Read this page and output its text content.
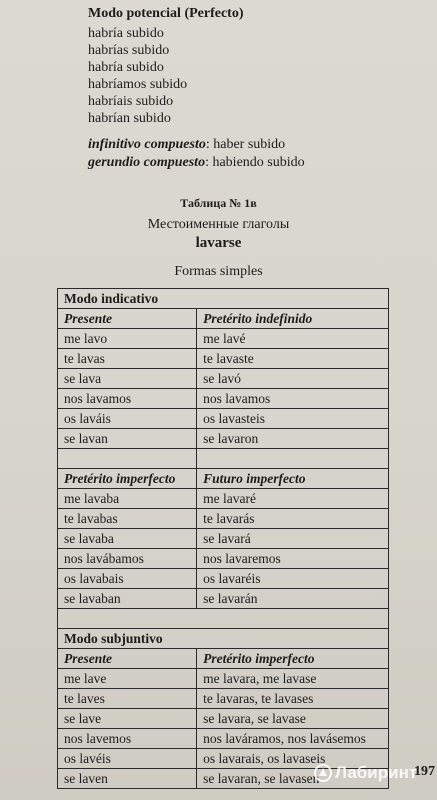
Modo potencial (Perfecto)
habría subido
habrías subido
habría subido
habríamos subido
habríais subido
habrían subido
infinitivo compuesto: haber subido
gerundio compuesto: habiendo subido
Таблица № 1в
Местоименные глаголы
lavarse
Formas simples
Modo indicativo	
Presente	Pretérito indefinido
me lavo	me lavé
te lavas	te lavaste
se lava	se lavó
nos lavamos	nos lavamos
os laváis	os lavasteis
se lavan	se lavaron

Pretérito imperfecto	Futuro imperfecto
me lavaba	me lavaré
te lavabas	te lavarás
se lavaba	se lavará
nos lavábamos	nos lavaremos
os lavabais	os lavaréis
se lavaban	se lavarán

Modo subjuntivo	
Presente	Pretérito imperfecto
me lave	me lavara, me lavase
te laves	te lavaras, te lavases
se lave	se lavara, se lavase
nos lavemos	nos laváramos, nos lavásemos
os lavéis	os lavarais, os lavaseis
se laven	se lavaran, se lavasen Лабиринт
197
